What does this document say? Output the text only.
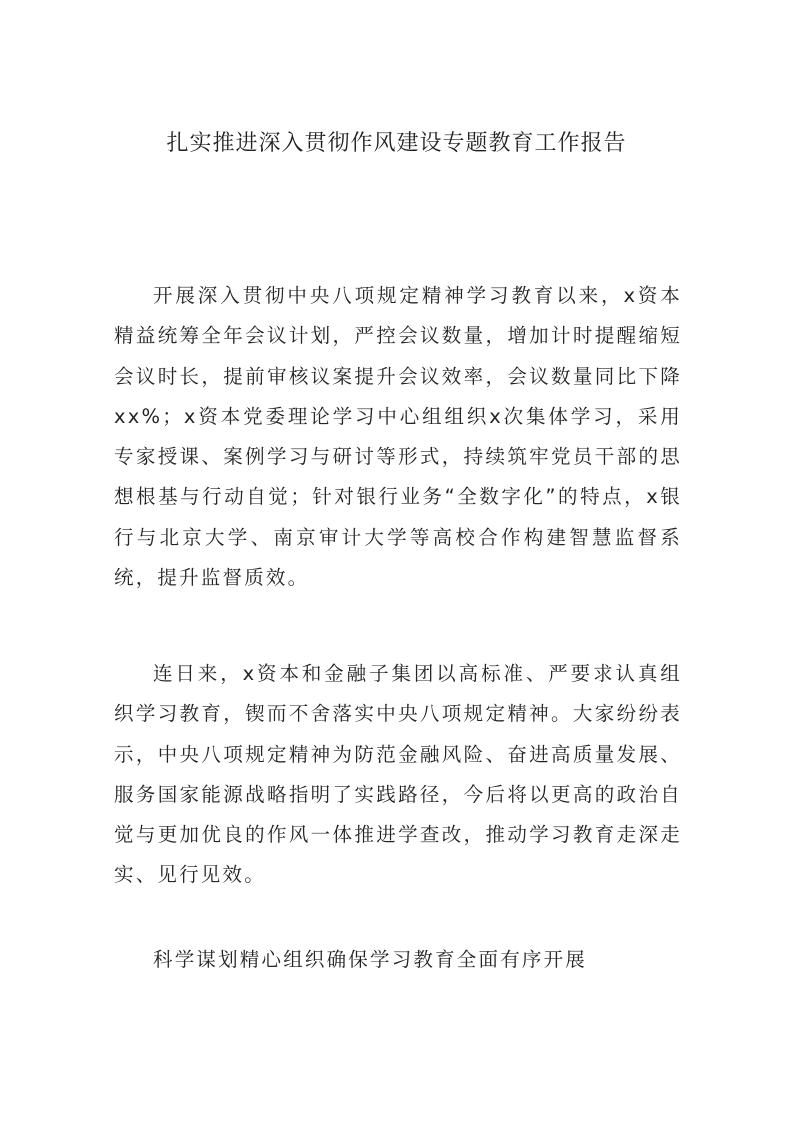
扎实推进深入贯彻作风建设专题教育工作报告

开展深入贯彻中央八项规定精神学习教育以来，x资本精益统筹全年会议计划，严控会议数量，增加计时提醒缩短会议时长，提前审核议案提升会议效率，会议数量同比下降xx%；x资本党委理论学习中心组组织x次集体学习，采用专家授课、案例学习与研讨等形式，持续筑牢党员干部的思想根基与行动自觉；针对银行业务“全数字化”的特点，x银行与北京大学、南京审计大学等高校合作构建智慧监督系统，提升监督质效。

连日来，x资本和金融子集团以高标准、严要求认真组织学习教育，锲而不舍落实中央八项规定精神。大家纷纷表示，中央八项规定精神为防范金融风险、奋进高质量发展、服务国家能源战略指明了实践路径，今后将以更高的政治自觉与更加优良的作风一体推进学查改，推动学习教育走深走实、见行见效。

科学谋划精心组织确保学习教育全面有序开展
